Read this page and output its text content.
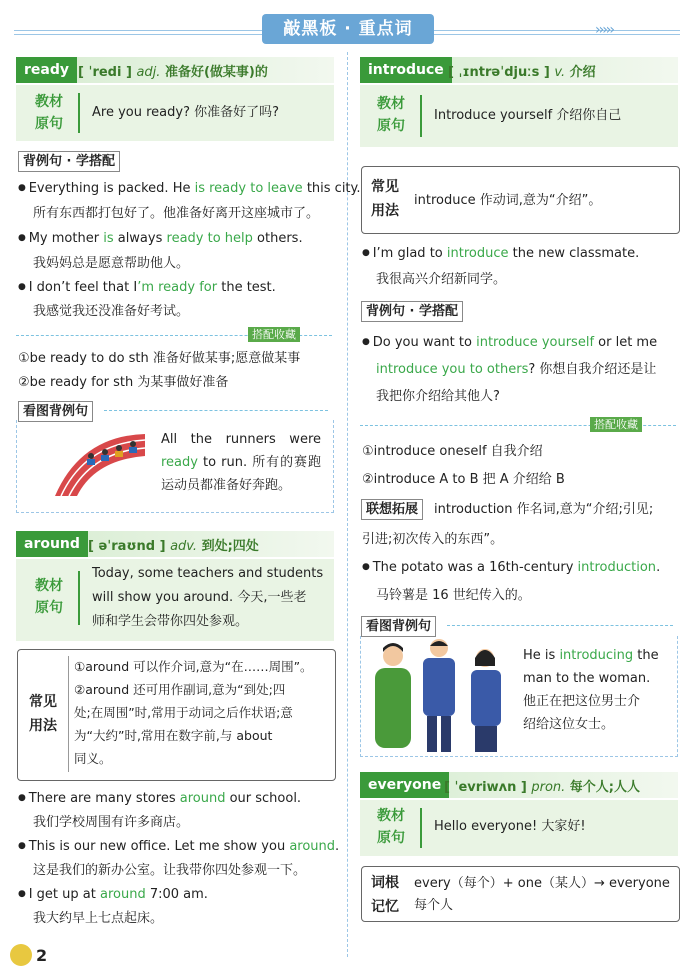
敲黑板 · 重点词	›››››
ready [ ˈredi ] adj. 准备好(做某事)的
教材
原句
Are you ready? 你准备好了吗?
背例句 · 学搭配
● Everything is packed. He is ready to leave this city.
所有东西都打包好了。他准备好离开这座城市了。
● My mother is always ready to help others.
我妈妈总是愿意帮助他人。
● I don’t feel that I’m ready for the test.
我感觉我还没准备好考试。
搭配收藏
①be ready to do sth 准备好做某事;愿意做某事
②be ready for sth 为某事做好准备
看图背例句
All the runners were ready to run. 所有的赛跑运动员都准备好奔跑。
around [ əˈraʊnd ] adv. 到处;四处
教材
原句
Today, some teachers and students
will show you around. 今天,一些老
师和学生会带你四处参观。
常见
用法
①around 可以作介词,意为“在……周围”。
②around 还可用作副词,意为“到处;四
处;在周围”时,常用于动词之后作状语;意
为“大约”时,常用在数字前,与 about
同义。
● There are many stores around our school.
我们学校周围有许多商店。
● This is our new office. Let me show you around.
这是我们的新办公室。让我带你四处参观一下。
● I get up at around 7:00 am.
我大约早上七点起床。
introduce [ ˌɪntrəˈdjuːs ] v. 介绍
教材
原句
Introduce yourself 介绍你自己
常见
用法
introduce 作动词,意为“介绍”。
● I’m glad to introduce the new classmate.
我很高兴介绍新同学。
背例句 · 学搭配
● Do you want to introduce yourself or let me
introduce you to others? 你想自我介绍还是让
我把你介绍给其他人?
搭配收藏
①introduce oneself 自我介绍
②introduce A to B 把 A 介绍给 B
联想拓展	introduction 作名词,意为“介绍;引见;
引进;初次传入的东西”。
● The potato was a 16th-century introduction.
马铃薯是 16 世纪传入的。
看图背例句
He is introducing the
man to the woman.
他正在把这位男士介
绍给这位女士。
everyone [ ˈevriwʌn ] pron. 每个人;人人
教材
原句
Hello everyone! 大家好!
词根
记忆
every（每个）+ one（某人）→ everyone
每个人
2
